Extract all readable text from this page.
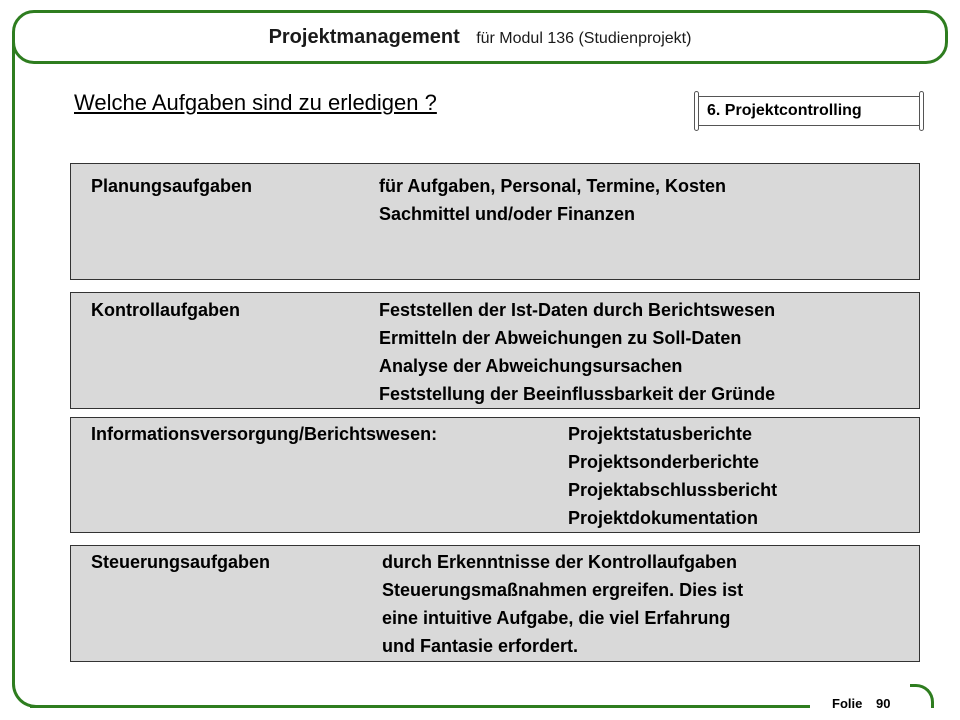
Projektmanagement für Modul 136 (Studienprojekt)
Welche Aufgaben sind zu erledigen ?	6. Projektcontrolling
Planungsaufgaben	für Aufgaben, Personal, Termine, Kosten
Sachmittel und/oder Finanzen
Kontrollaufgaben	Feststellen der Ist-Daten durch Berichtswesen
Ermitteln der Abweichungen zu Soll-Daten
Analyse der Abweichungsursachen
Feststellung der Beeinflussbarkeit der Gründe
Informationsversorgung/Berichtswesen:	Projektstatusberichte
Projektsonderberichte
Projektabschlussbericht
Projektdokumentation
Steuerungsaufgaben	durch Erkenntnisse der Kontrollaufgaben
Steuerungsmaßnahmen ergreifen. Dies ist
eine intuitive Aufgabe, die viel Erfahrung
und Fantasie erfordert.
Folie 90
